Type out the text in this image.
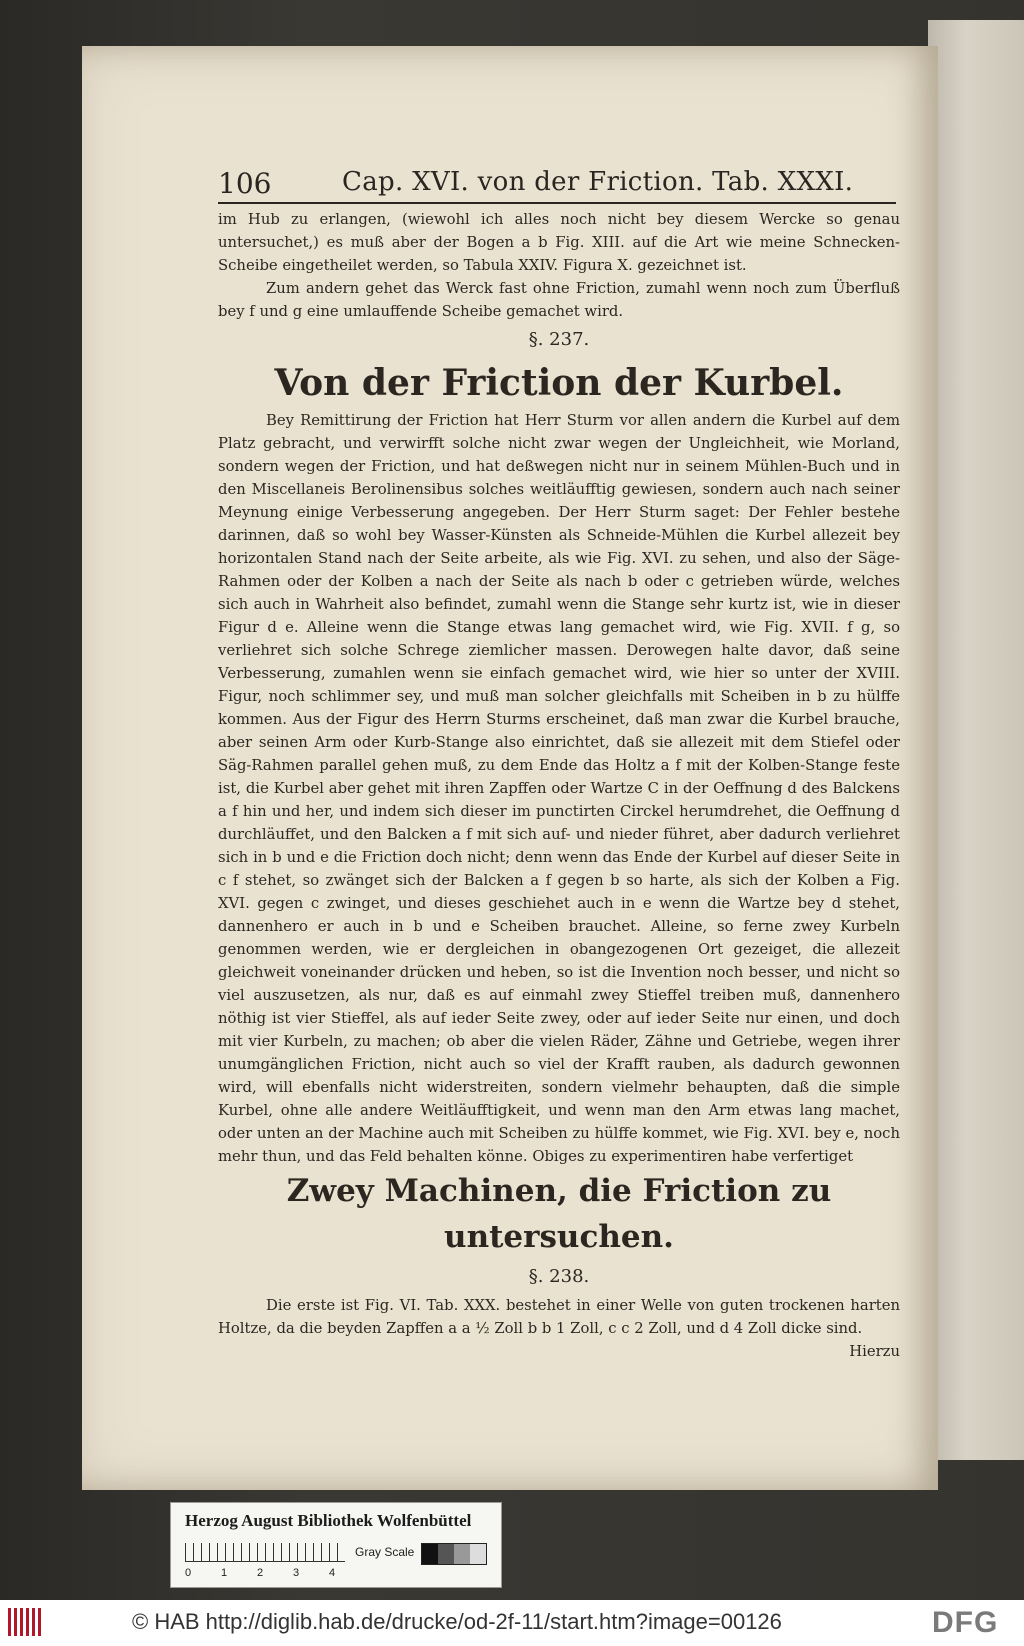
106	Cap. XVI. von der Friction. Tab. XXXI.

im Hub zu erlangen, (wiewohl ich alles noch nicht bey diesem Wercke so genau untersuchet,) es muß aber der Bogen a b Fig. XIII. auf die Art wie meine Schnecken-Scheibe eingetheilet werden, so Tabula XXIV. Figura X. gezeichnet ist.

Zum andern gehet das Werck fast ohne Friction, zumahl wenn noch zum Überfluß bey f und g eine umlauffende Scheibe gemachet wird.

§. 237.

Von der Friction der Kurbel.

Bey Remittirung der Friction hat Herr Sturm vor allen andern die Kurbel auf dem Platz gebracht, und verwirfft solche nicht zwar wegen der Ungleichheit, wie Morland, sondern wegen der Friction, und hat deßwegen nicht nur in seinem Mühlen-Buch und in den Miscellaneis Berolinensibus solches weitläufftig gewiesen, sondern auch nach seiner Meynung einige Verbesserung angegeben. Der Herr Sturm saget: Der Fehler bestehe darinnen, daß so wohl bey Wasser-Künsten als Schneide-Mühlen die Kurbel allezeit bey horizontalen Stand nach der Seite arbeite, als wie Fig. XVI. zu sehen, und also der Säge-Rahmen oder der Kolben a nach der Seite als nach b oder c getrieben würde, welches sich auch in Wahrheit also befindet, zumahl wenn die Stange sehr kurtz ist, wie in dieser Figur d e. Alleine wenn die Stange etwas lang gemachet wird, wie Fig. XVII. f g, so verliehret sich solche Schrege ziemlicher massen. Derowegen halte davor, daß seine Verbesserung, zumahlen wenn sie einfach gemachet wird, wie hier so unter der XVIII. Figur, noch schlimmer sey, und muß man solcher gleichfalls mit Scheiben in b zu hülffe kommen. Aus der Figur des Herrn Sturms erscheinet, daß man zwar die Kurbel brauche, aber seinen Arm oder Kurb-Stange also einrichtet, daß sie allezeit mit dem Stiefel oder Säg-Rahmen parallel gehen muß, zu dem Ende das Holtz a f mit der Kolben-Stange feste ist, die Kurbel aber gehet mit ihren Zapffen oder Wartze C in der Oeffnung d des Balckens a f hin und her, und indem sich dieser im punctirten Circkel herumdrehet, die Oeffnung d durchläuffet, und den Balcken a f mit sich auf- und nieder führet, aber dadurch verliehret sich in b und e die Friction doch nicht; denn wenn das Ende der Kurbel auf dieser Seite in c f stehet, so zwänget sich der Balcken a f gegen b so harte, als sich der Kolben a Fig. XVI. gegen c zwinget, und dieses geschiehet auch in e wenn die Wartze bey d stehet, dannenhero er auch in b und e Scheiben brauchet. Alleine, so ferne zwey Kurbeln genommen werden, wie er dergleichen in obangezogenen Ort gezeiget, die allezeit gleichweit voneinander drücken und heben, so ist die Invention noch besser, und nicht so viel auszusetzen, als nur, daß es auf einmahl zwey Stieffel treiben muß, dannenhero nöthig ist vier Stieffel, als auf ieder Seite zwey, oder auf ieder Seite nur einen, und doch mit vier Kurbeln, zu machen; ob aber die vielen Räder, Zähne und Getriebe, wegen ihrer unumgänglichen Friction, nicht auch so viel der Krafft rauben, als dadurch gewonnen wird, will ebenfalls nicht widerstreiten, sondern vielmehr behaupten, daß die simple Kurbel, ohne alle andere Weitläufftigkeit, und wenn man den Arm etwas lang machet, oder unten an der Machine auch mit Scheiben zu hülffe kommet, wie Fig. XVI. bey e, noch mehr thun, und das Feld behalten könne. Obiges zu experimentiren habe verfertiget

Zwey Machinen, die Friction zu untersuchen.

§. 238.

Die erste ist Fig. VI. Tab. XXX. bestehet in einer Welle von guten trockenen harten Holtze, da die beyden Zapffen a a ½ Zoll b b 1 Zoll, c c 2 Zoll, und d 4 Zoll dicke sind.

Hierzu

Herzog August Bibliothek Wolfenbüttel
0	1	2	3	4
Gray Scale
© HAB http://diglib.hab.de/drucke/od-2f-11/start.htm?image=00126	DFG
